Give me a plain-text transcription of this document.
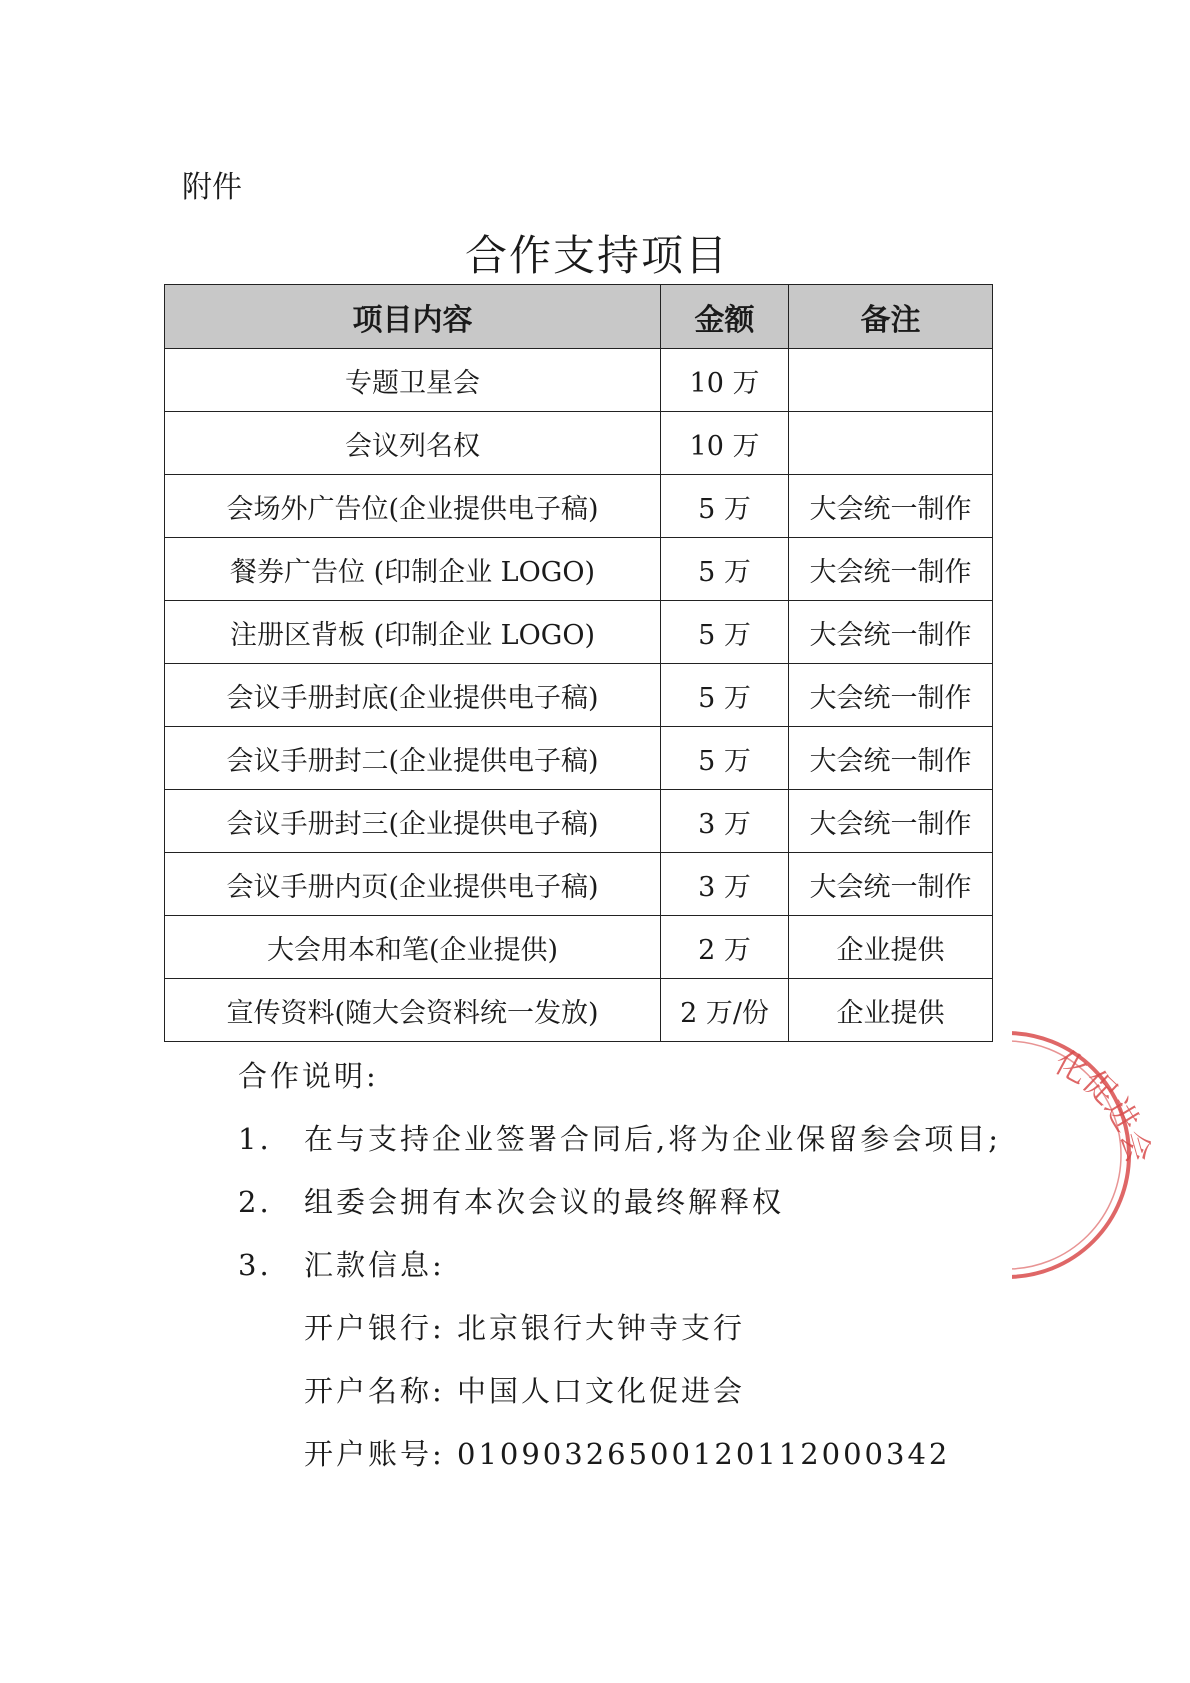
附件
合作支持项目
项目内容	金额	备注
专题卫星会	10 万	
会议列名权	10 万	
会场外广告位(企业提供电子稿)	5 万	大会统一制作
餐券广告位 (印制企业 LOGO)	5 万	大会统一制作
注册区背板 (印制企业 LOGO)	5 万	大会统一制作
会议手册封底(企业提供电子稿)	5 万	大会统一制作
会议手册封二(企业提供电子稿)	5 万	大会统一制作
会议手册封三(企业提供电子稿)	3 万	大会统一制作
会议手册内页(企业提供电子稿)	3 万	大会统一制作
大会用本和笔(企业提供)	2 万	企业提供
宣传资料(随大会资料统一发放)	2 万/份	企业提供
合作说明:
1.	在与支持企业签署合同后,将为企业保留参会项目;
2.	组委会拥有本次会议的最终解释权
3.	汇款信息:
开户银行: 北京银行大钟寺支行
开户名称: 中国人口文化促进会
开户账号: 01090326500120112000342
化促进会
